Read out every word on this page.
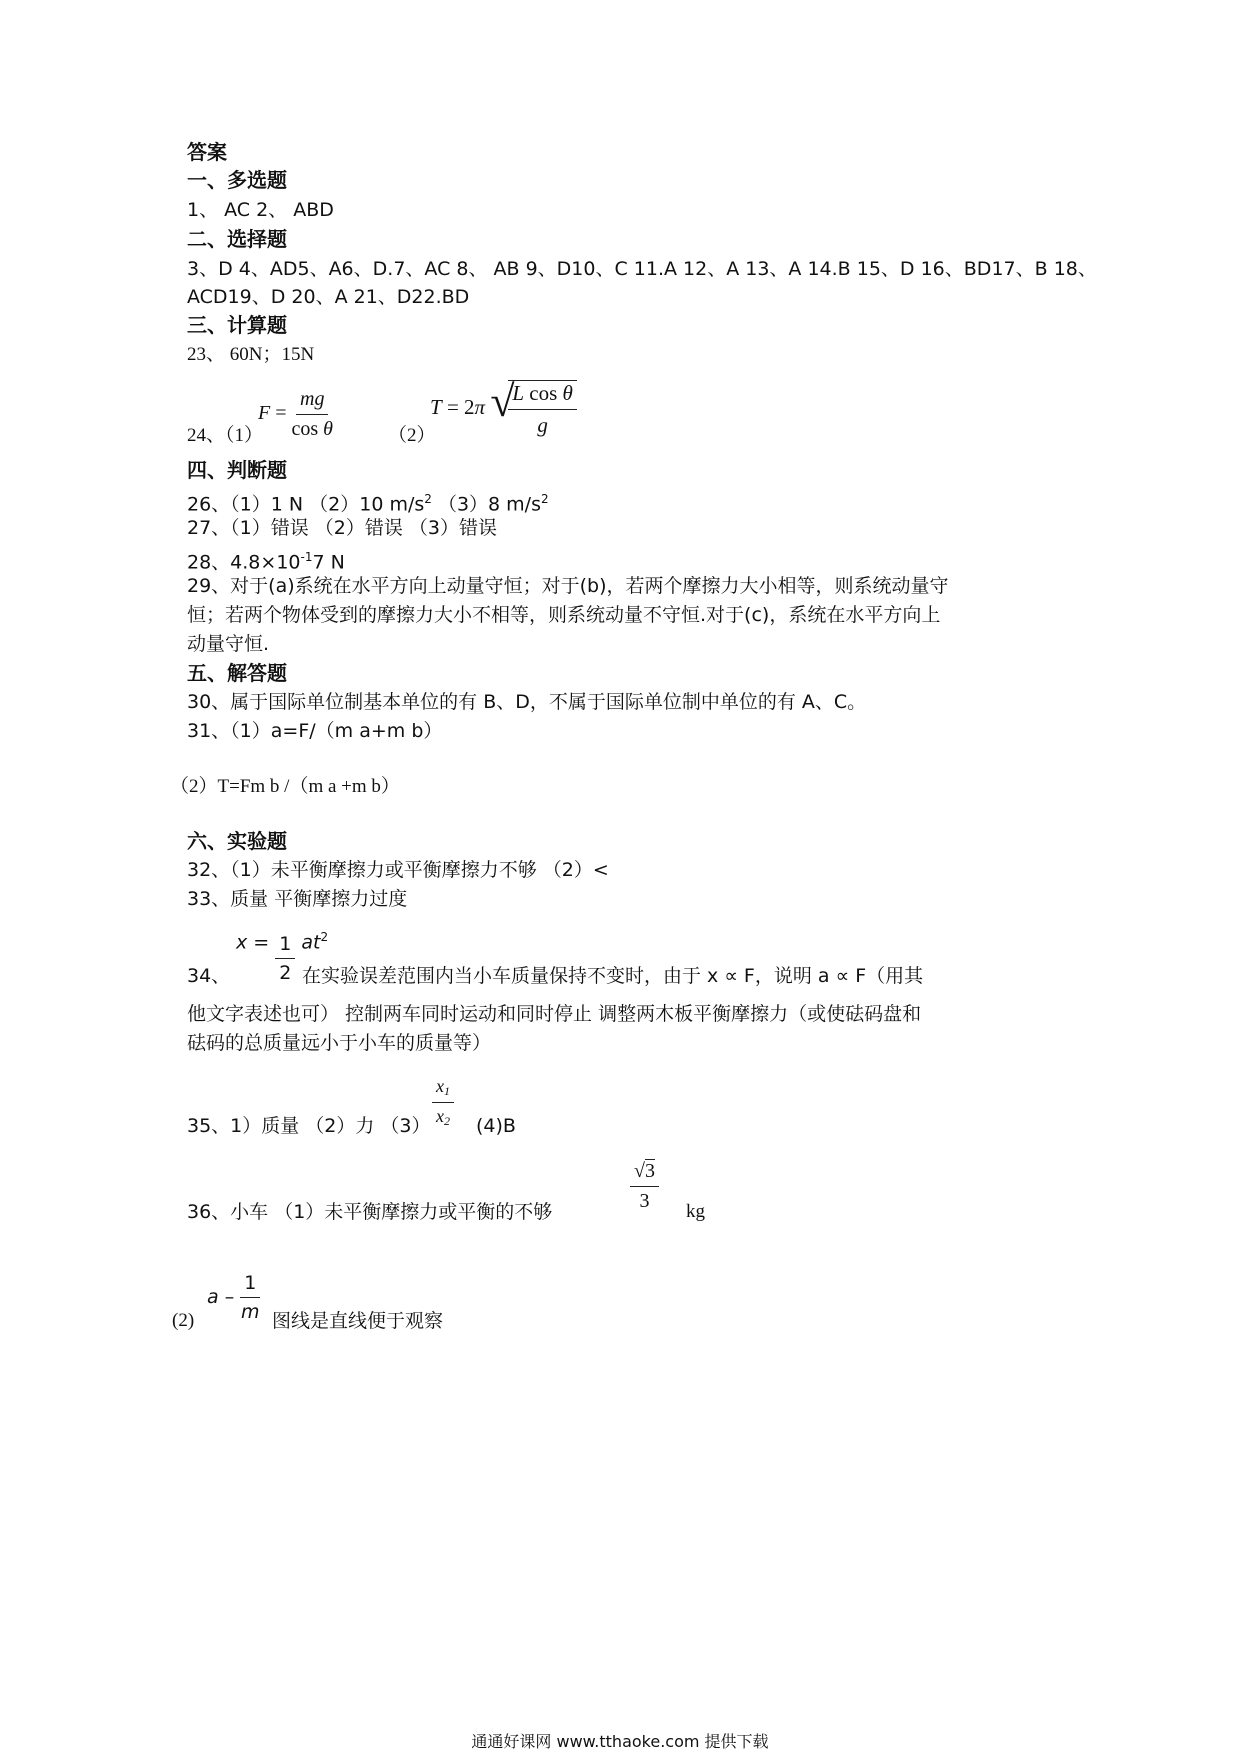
答案
一、多选题
1、 AC 2、 ABD
二、选择题
3、D 4、AD5、A6、D.7、AC 8、 AB 9、D10、C 11.A 12、A 13、A 14.B 15、D 16、BD17、B 18、
ACD19、D 20、A 21、D22.BD
三、计算题
23、 60N；15N
24、（1）
$F = \frac{mg}{\text{cos θ}}$	（2）
T = 2π √
$\frac{\text{L cos θ}}{g}$
四、判断题
26、（1）1 N （2）10 $m/s^2$ （3）8 $m/s^2$
27、（1）错误 （2）错误 （3）错误
28、$4.8\times 10^{-1}7$ N
29、对于(a)系统在水平方向上动量守恒；对于(b)，若两个摩擦力大小相等，则系统动量守
恒；若两个物体受到的摩擦力大小不相等，则系统动量不守恒.对于(c)，系统在水平方向上
动量守恒.
五、解答题
30、属于国际单位制基本单位的有 B、D，不属于国际单位制中单位的有 A、C。
31、（1）a=F/（m a+m b）
（2）T=Fm b /（m a +m b）
六、实验题
32、（1）未平衡摩擦力或平衡摩擦力不够 （2）<
33、质量 平衡摩擦力过度
34、
$x = \frac{1}{2} at^2$
在实验误差范围内当小车质量保持不变时，由于 x ∝ F，说明 a ∝ F（用其
他文字表述也可） 控制两车同时运动和同时停止 调整两木板平衡摩擦力（或使砝码盘和
砝码的总质量远小于小车的质量等）
35、1）质量 （2）力 $(3) \frac{x_1}{x_2} (4)B$
36、小车 （1）未平衡摩擦力或平衡的不够	$\frac{√3}{3}$ kg
(2)
a – $\frac{1}{m}$ 图线是直线便于观察
通通好课网 www.tthaoke.com 提供下载
